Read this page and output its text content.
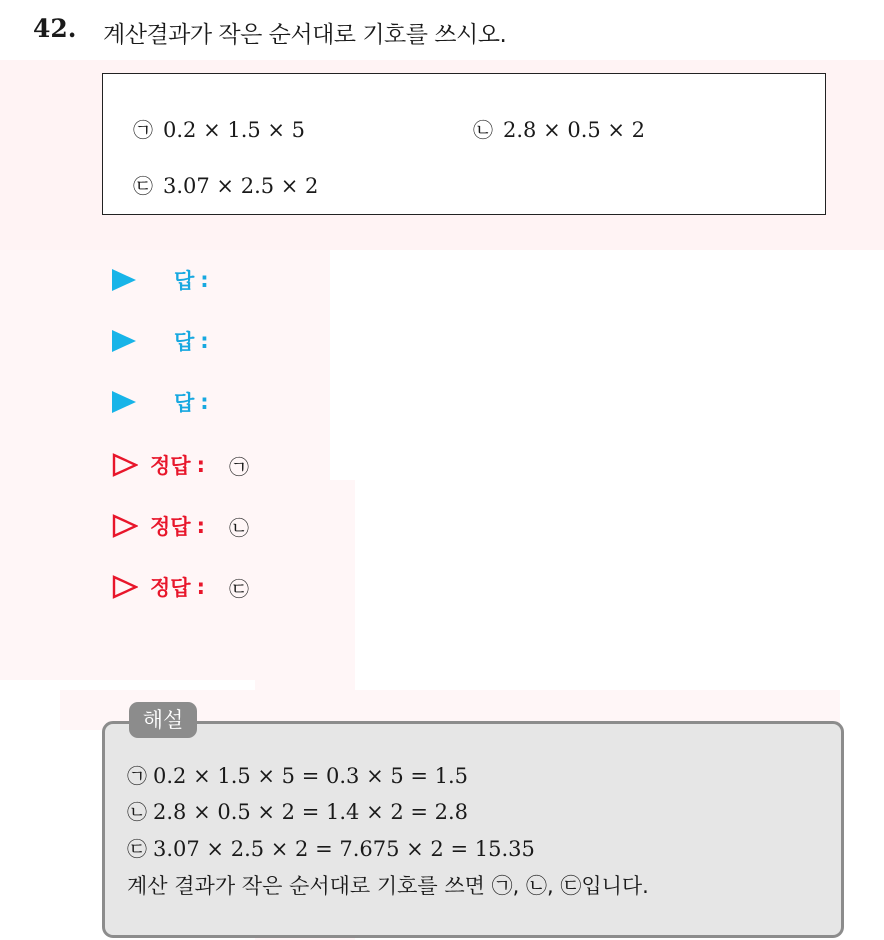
42. 계산결과가 작은 순서대로 기호를 쓰시오.
㉠ 0.2 × 1.5 × 5	㉡ 2.8 × 0.5 × 2
㉢ 3.07 × 2.5 × 2
답 :
답 :
답 :
정답 : ㉠
정답 : ㉡
정답 : ㉢
해설
㉠ 0.2 × 1.5 × 5 = 0.3 × 5 = 1.5
㉡ 2.8 × 0.5 × 2 = 1.4 × 2 = 2.8
㉢ 3.07 × 2.5 × 2 = 7.675 × 2 = 15.35
계산 결과가 작은 순서대로 기호를 쓰면 ㉠, ㉡, ㉢입니다.
